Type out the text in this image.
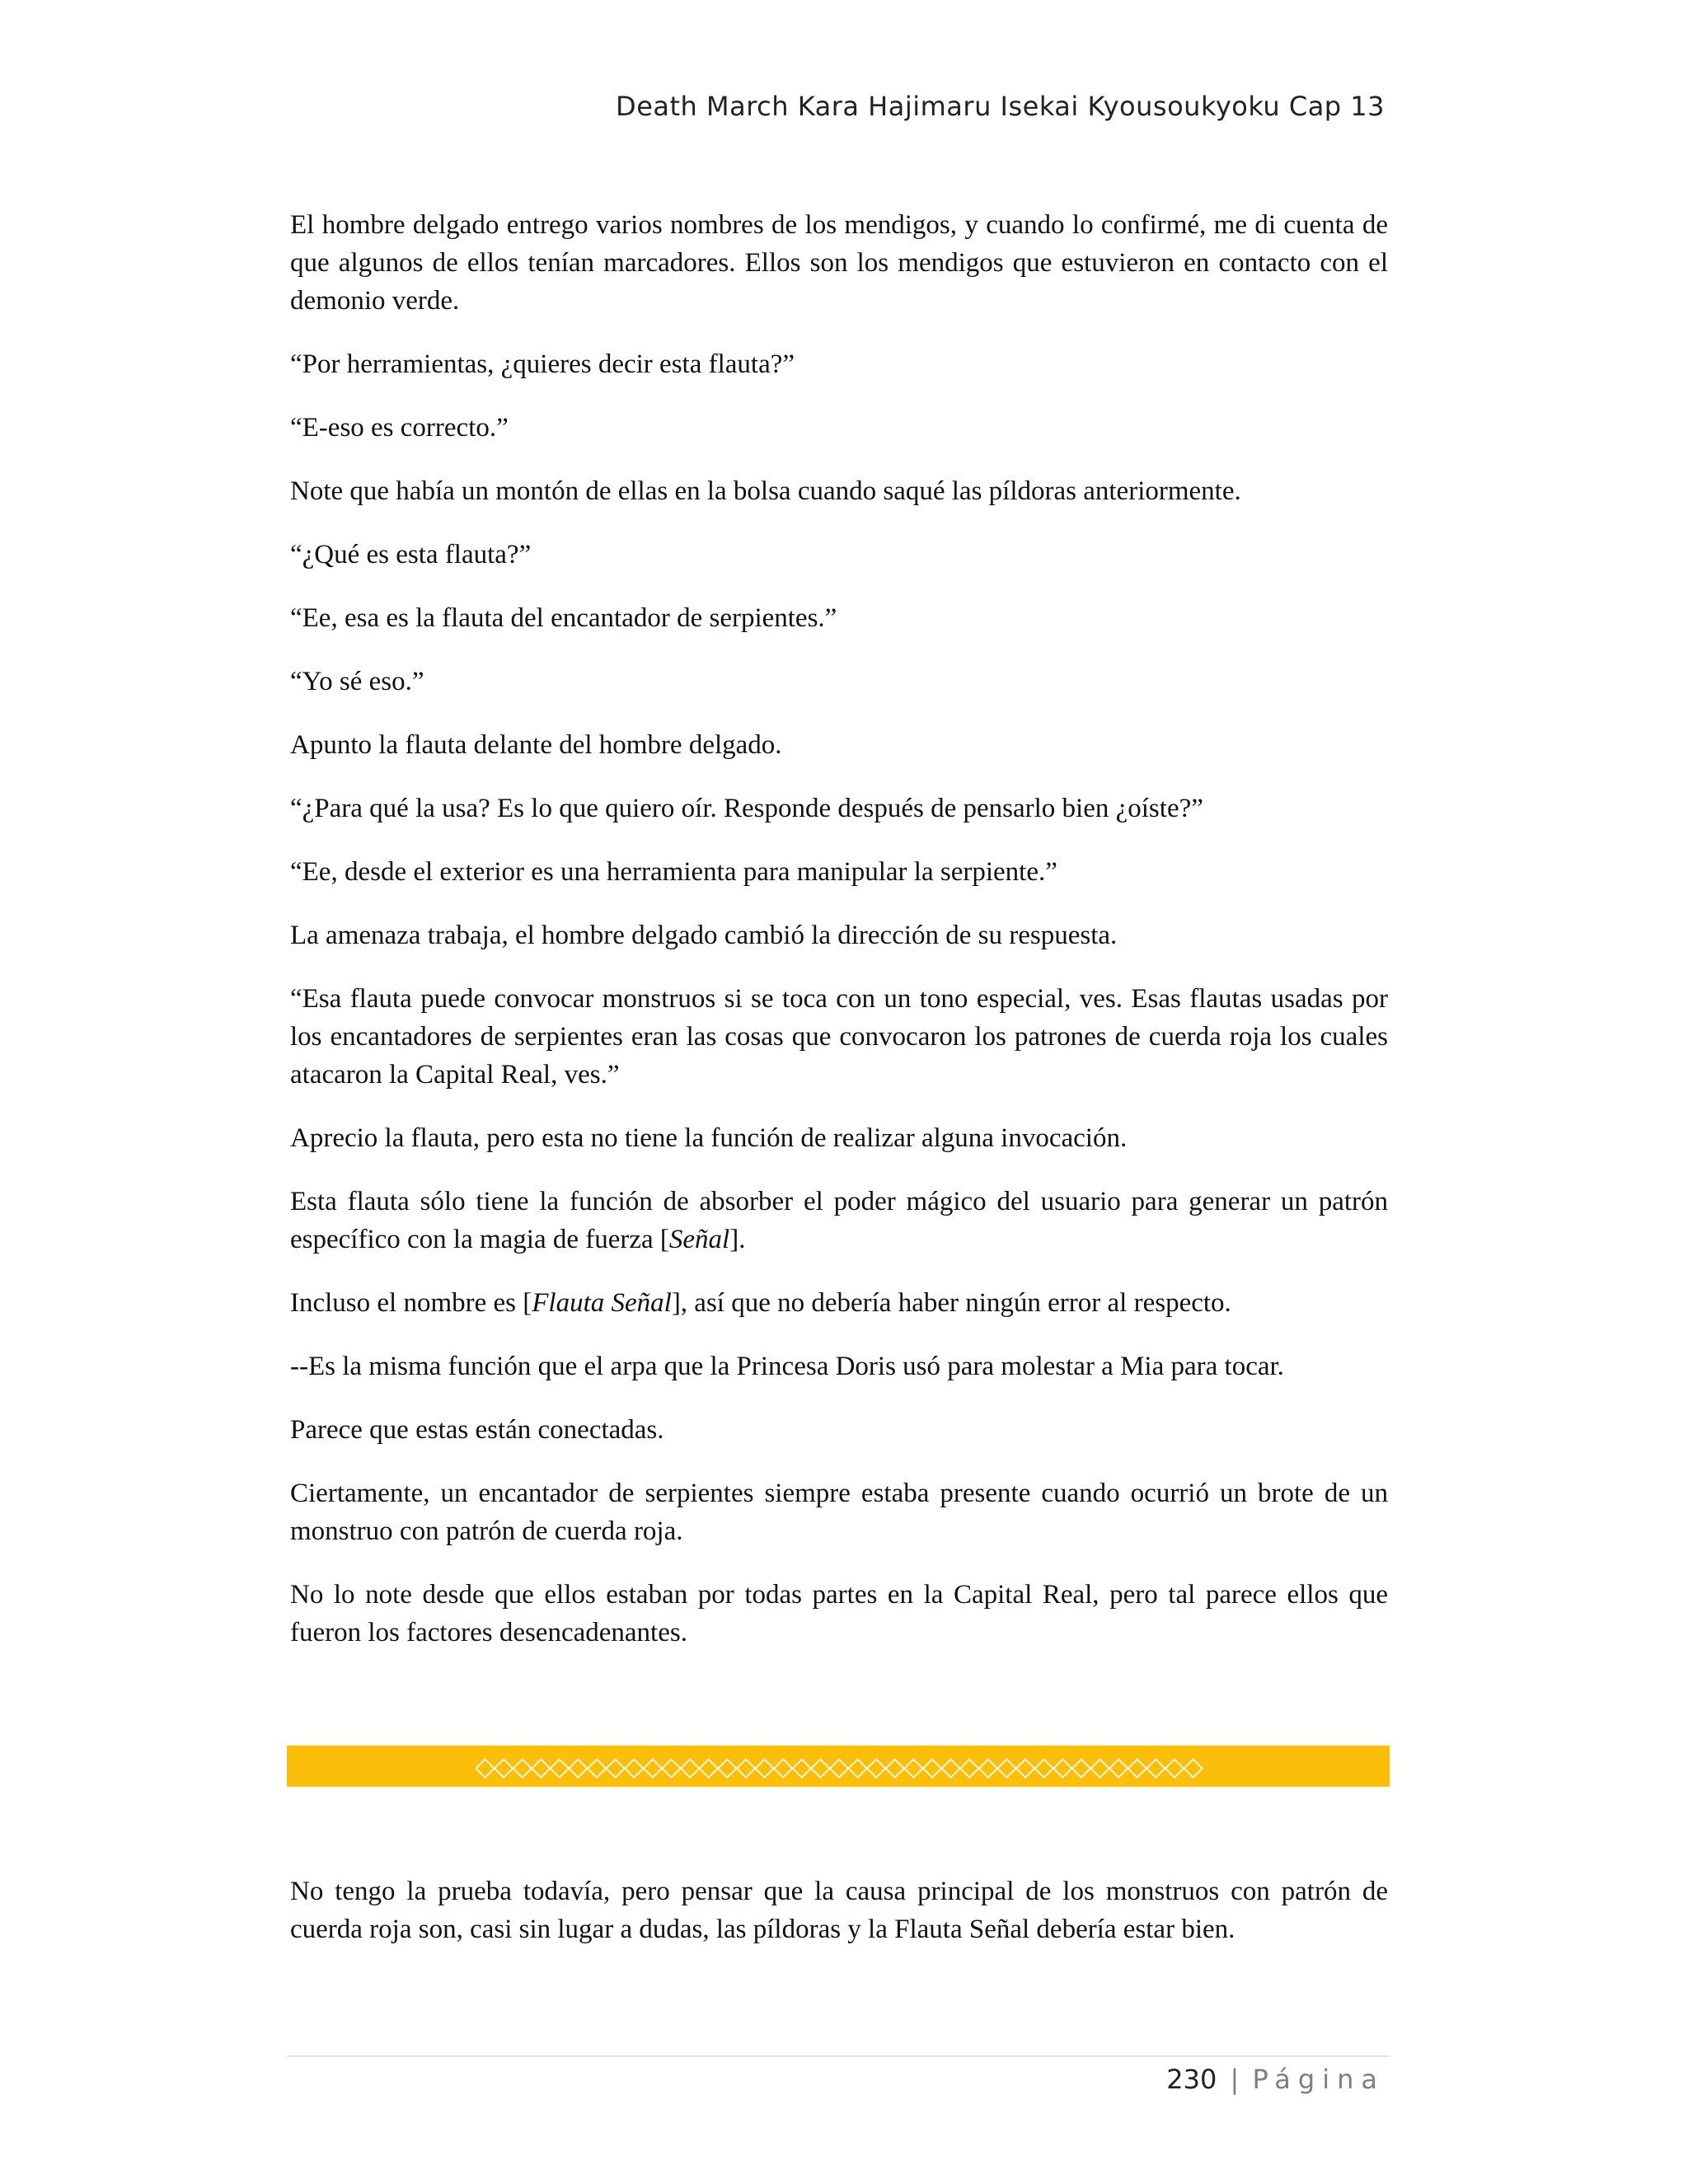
Death March Kara Hajimaru Isekai Kyousoukyoku Cap 13

El hombre delgado entrego varios nombres de los mendigos, y cuando lo confirmé, me di cuenta de que algunos de ellos tenían marcadores. Ellos son los mendigos que estuvieron en contacto con el demonio verde.

“Por herramientas, ¿quieres decir esta flauta?”

“E-eso es correcto.”

Note que había un montón de ellas en la bolsa cuando saqué las píldoras anteriormente.

“¿Qué es esta flauta?”

“Ee, esa es la flauta del encantador de serpientes.”

“Yo sé eso.”

Apunto la flauta delante del hombre delgado.

“¿Para qué la usa? Es lo que quiero oír. Responde después de pensarlo bien ¿oíste?”

“Ee, desde el exterior es una herramienta para manipular la serpiente.”

La amenaza trabaja, el hombre delgado cambió la dirección de su respuesta.

“Esa flauta puede convocar monstruos si se toca con un tono especial, ves. Esas flautas usadas por los encantadores de serpientes eran las cosas que convocaron los patrones de cuerda roja los cuales atacaron la Capital Real, ves.”

Aprecio la flauta, pero esta no tiene la función de realizar alguna invocación.

Esta flauta sólo tiene la función de absorber el poder mágico del usuario para generar un patrón específico con la magia de fuerza [Señal].

Incluso el nombre es [Flauta Señal], así que no debería haber ningún error al respecto.

--Es la misma función que el arpa que la Princesa Doris usó para molestar a Mia para tocar.

Parece que estas están conectadas.

Ciertamente, un encantador de serpientes siempre estaba presente cuando ocurrió un brote de un monstruo con patrón de cuerda roja.

No lo note desde que ellos estaban por todas partes en la Capital Real, pero tal parece ellos que fueron los factores desencadenantes.

◇◇◇◇◇◇◇◇◇◇◇◇◇◇◇◇◇◇◇◇◇◇◇◇◇◇◇◇◇◇◇◇◇◇◇◇◇◇◇

No tengo la prueba todavía, pero pensar que la causa principal de los monstruos con patrón de cuerda roja son, casi sin lugar a dudas, las píldoras y la Flauta Señal debería estar bien.

230 | Página
